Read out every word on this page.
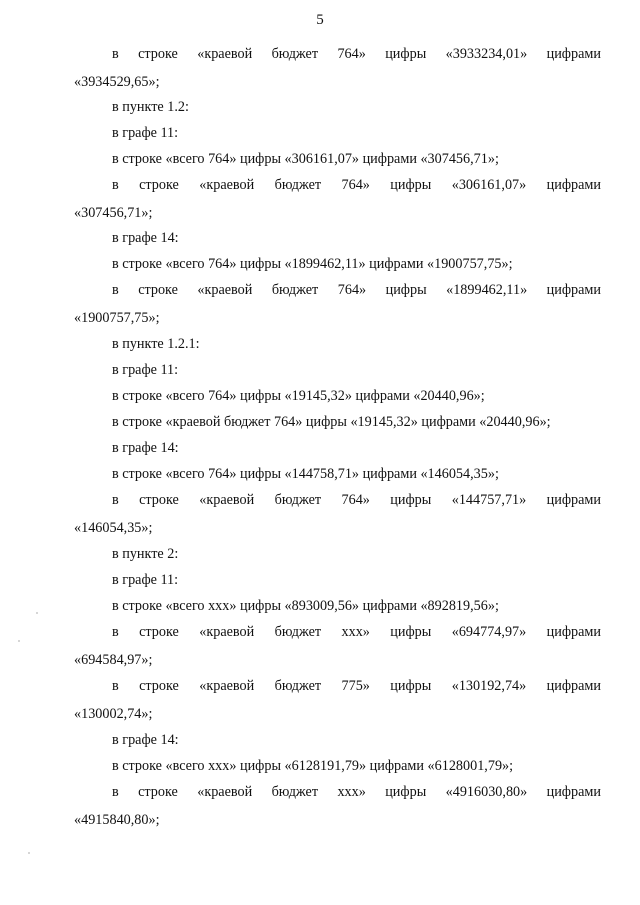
5
в строке «краевой бюджет 764» цифры «3933234,01» цифрами
«3934529,65»;
в пункте 1.2:
в графе 11:
в строке «всего 764» цифры «306161,07» цифрами «307456,71»;
в строке «краевой бюджет 764» цифры «306161,07» цифрами
«307456,71»;
в графе 14:
в строке «всего 764» цифры «1899462,11» цифрами «1900757,75»;
в строке «краевой бюджет 764» цифры «1899462,11» цифрами
«1900757,75»;
в пункте 1.2.1:
в графе 11:
в строке «всего 764» цифры «19145,32» цифрами «20440,96»;
в строке «краевой бюджет 764» цифры «19145,32» цифрами «20440,96»;
в графе 14:
в строке «всего 764» цифры «144758,71» цифрами «146054,35»;
в строке «краевой бюджет 764» цифры «144757,71» цифрами
«146054,35»;
в пункте 2:
в графе 11:
в строке «всего ххх» цифры «893009,56» цифрами «892819,56»;
в строке «краевой бюджет ххх» цифры «694774,97» цифрами
«694584,97»;
в строке «краевой бюджет 775» цифры «130192,74» цифрами
«130002,74»;
в графе 14:
в строке «всего ххх» цифры «6128191,79» цифрами «6128001,79»;
в строке «краевой бюджет ххх» цифры «4916030,80» цифрами
«4915840,80»;
